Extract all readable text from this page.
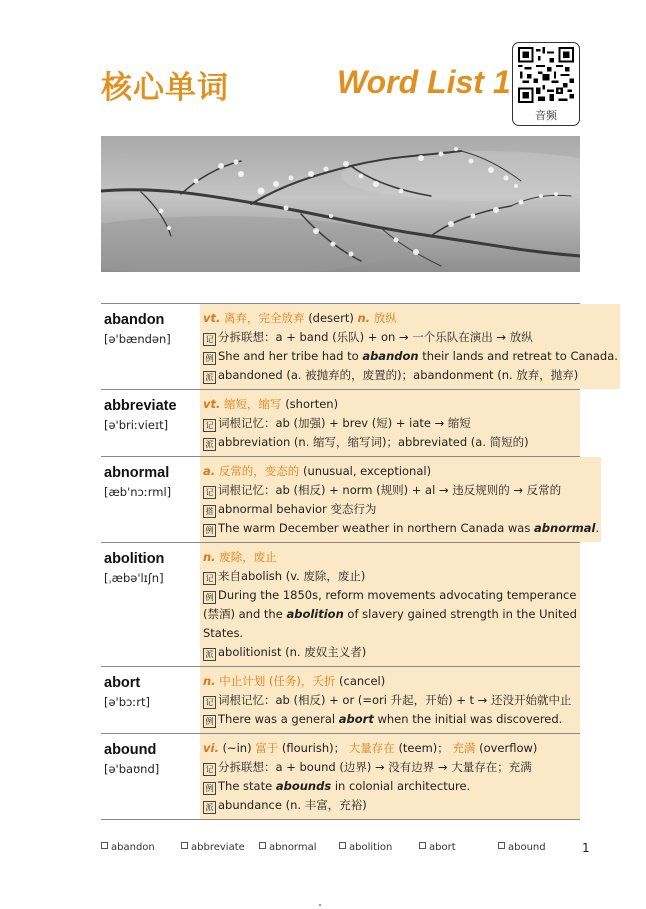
核心单词	Word List 1
音频
abandon
[ə'bændən]
vt. 离弃，完全放弃 (desert) n. 放纵
记 分拆联想：a + band (乐队) + on → 一个乐队在演出 → 放纵
例 She and her tribe had to abandon their lands and retreat to Canada.
派 abandoned (a. 被抛弃的，废置的)；abandonment (n. 放弃，抛弃)
abbreviate
[ə'briːvieɪt]
vt. 缩短，缩写 (shorten)
记 词根记忆：ab (加强) + brev (短) + iate → 缩短
派 abbreviation (n. 缩写，缩写词)；abbreviated (a. 简短的)
abnormal
[æb'nɔːrml]
a. 反常的，变态的 (unusual, exceptional)
记 词根记忆：ab (相反) + norm (规则) + al → 违反规则的 → 反常的
搭 abnormal behavior 变态行为
例 The warm December weather in northern Canada was abnormal.
abolition
[ˌæbə'lɪʃn]
n. 废除，废止
记 来自abolish (v. 废除，废止)
例 During the 1850s, reform movements advocating temperance (禁酒) and the abolition of slavery gained strength in the United States.
派 abolitionist (n. 废奴主义者)
abort
[ə'bɔːrt]
n. 中止计划 (任务)，夭折 (cancel)
记 词根记忆：ab (相反) + or (=ori 升起，开始) + t → 还没开始就中止
例 There was a general abort when the initial was discovered.
abound
[ə'baʊnd]
vi. (~in) 富于 (flourish)； 大量存在 (teem)； 充满 (overflow)
记 分拆联想：a + bound (边界) → 没有边界 → 大量存在；充满
例 The state abounds in colonial architecture.
派 abundance (n. 丰富，充裕)
abandon	abbreviate	abnormal	abolition	abort	abound	1
